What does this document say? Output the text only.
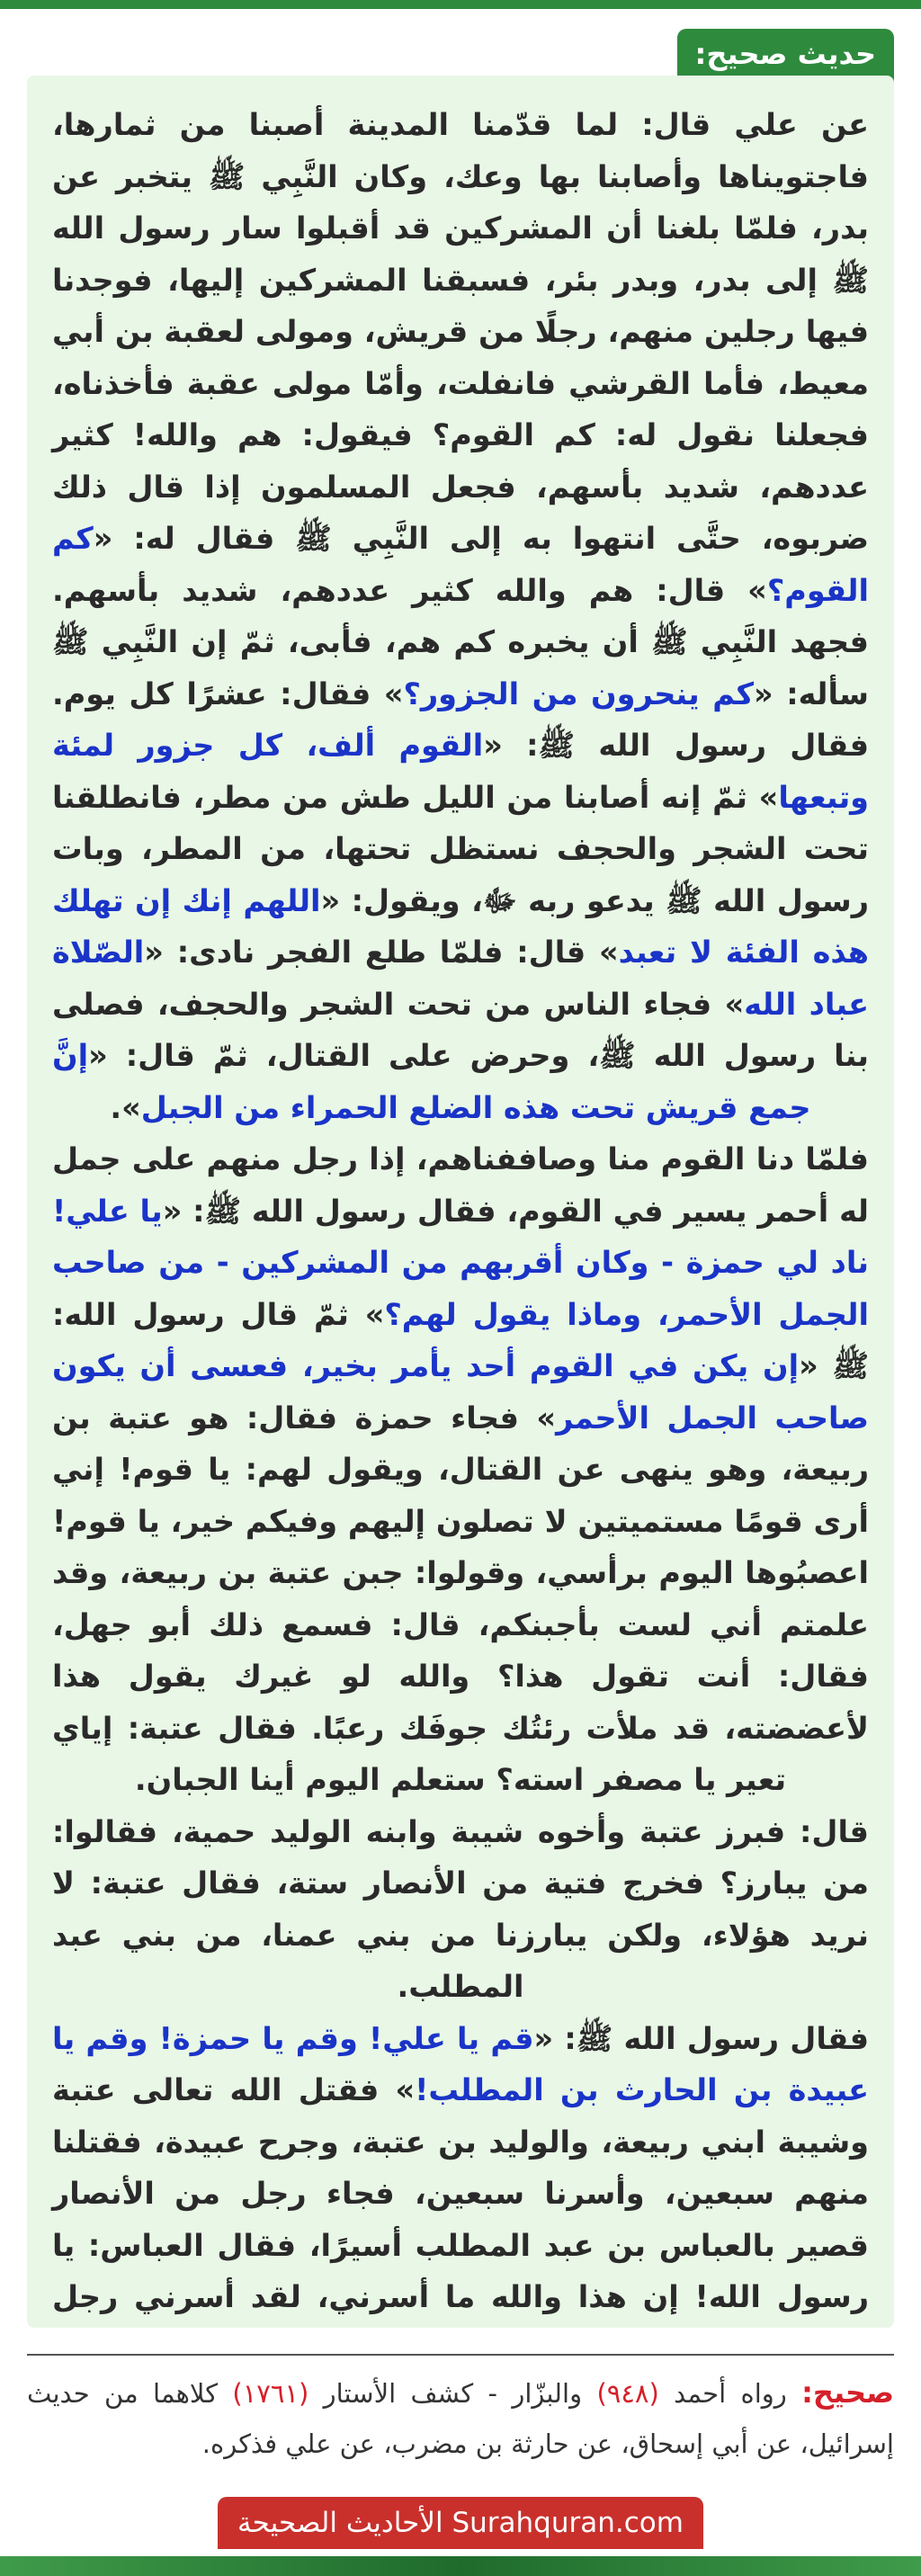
حديث صحيح:

عن علي قال: لما قدّمنا المدينة أصبنا من ثمارها، فاجتويناها وأصابنا بها وعك، وكان النَّبِي ﷺ يتخبر عن بدر، فلمّا بلغنا أن المشركين قد أقبلوا سار رسول الله ﷺ إلى بدر، وبدر بئر، فسبقنا المشركين إليها، فوجدنا فيها رجلين منهم، رجلًا من قريش، ومولى لعقبة بن أبي معيط، فأما القرشي فانفلت، وأمّا مولى عقبة فأخذناه، فجعلنا نقول له: كم القوم؟ فيقول: هم والله! كثير عددهم، شديد بأسهم، فجعل المسلمون إذا قال ذلك ضربوه، حتَّى انتهوا به إلى النَّبِي ﷺ فقال له: «كم القوم؟» قال: هم والله كثير عددهم، شديد بأسهم. فجهد النَّبِي ﷺ أن يخبره كم هم، فأبى، ثمّ إن النَّبِي ﷺ سأله: «كم ينحرون من الجزور؟» فقال: عشرًا كل يوم. فقال رسول الله ﷺ: «القوم ألف، كل جزور لمئة وتبعها» ثمّ إنه أصابنا من الليل طش من مطر، فانطلقنا تحت الشجر والحجف نستظل تحتها، من المطر، وبات رسول الله ﷺ يدعو ربه ﷻ، ويقول: «اللهم إنك إن تهلك هذه الفئة لا تعبد» قال: فلمّا طلع الفجر نادى: «الصّلاة عباد الله» فجاء الناس من تحت الشجر والحجف، فصلى بنا رسول الله ﷺ، وحرض على القتال، ثمّ قال: «إنَّ جمع قريش تحت هذه الضلع الحمراء من الجبل».

فلمّا دنا القوم منا وصاففناهم، إذا رجل منهم على جمل له أحمر يسير في القوم، فقال رسول الله ﷺ: «يا علي! ناد لي حمزة - وكان أقربهم من المشركين - من صاحب الجمل الأحمر، وماذا يقول لهم؟» ثمّ قال رسول الله: ﷺ «إن يكن في القوم أحد يأمر بخير، فعسى أن يكون صاحب الجمل الأحمر» فجاء حمزة فقال: هو عتبة بن ربيعة، وهو ينهى عن القتال، ويقول لهم: يا قوم! إني أرى قومًا مستميتين لا تصلون إليهم وفيكم خير، يا قوم! اعصبُوها اليوم برأسي، وقولوا: جبن عتبة بن ربيعة، وقد علمتم أني لست بأجبنكم، قال: فسمع ذلك أبو جهل، فقال: أنت تقول هذا؟ والله لو غيرك يقول هذا لأعضضته، قد ملأت رئتُك جوفَك رعبًا. فقال عتبة: إياي تعير يا مصفر استه؟ ستعلم اليوم أينا الجبان.

قال: فبرز عتبة وأخوه شيبة وابنه الوليد حمية، فقالوا: من يبارز؟ فخرج فتية من الأنصار ستة، فقال عتبة: لا نريد هؤلاء، ولكن يبارزنا من بني عمنا، من بني عبد المطلب.

فقال رسول الله ﷺ: «قم يا علي! وقم يا حمزة! وقم يا عبيدة بن الحارث بن المطلب!» فقتل الله تعالى عتبة وشيبة ابني ربيعة، والوليد بن عتبة، وجرح عبيدة، فقتلنا منهم سبعين، وأسرنا سبعين، فجاء رجل من الأنصار قصير بالعباس بن عبد المطلب أسيرًا، فقال العباس: يا رسول الله! إن هذا والله ما أسرني، لقد أسرني رجل

صحيح: رواه أحمد (٩٤٨) والبزّار - كشف الأستار (١٧٦١) كلاهما من حديث إسرائيل، عن أبي إسحاق، عن حارثة بن مضرب، عن علي فذكره.
Surahquran.com الأحاديث الصحيحة
